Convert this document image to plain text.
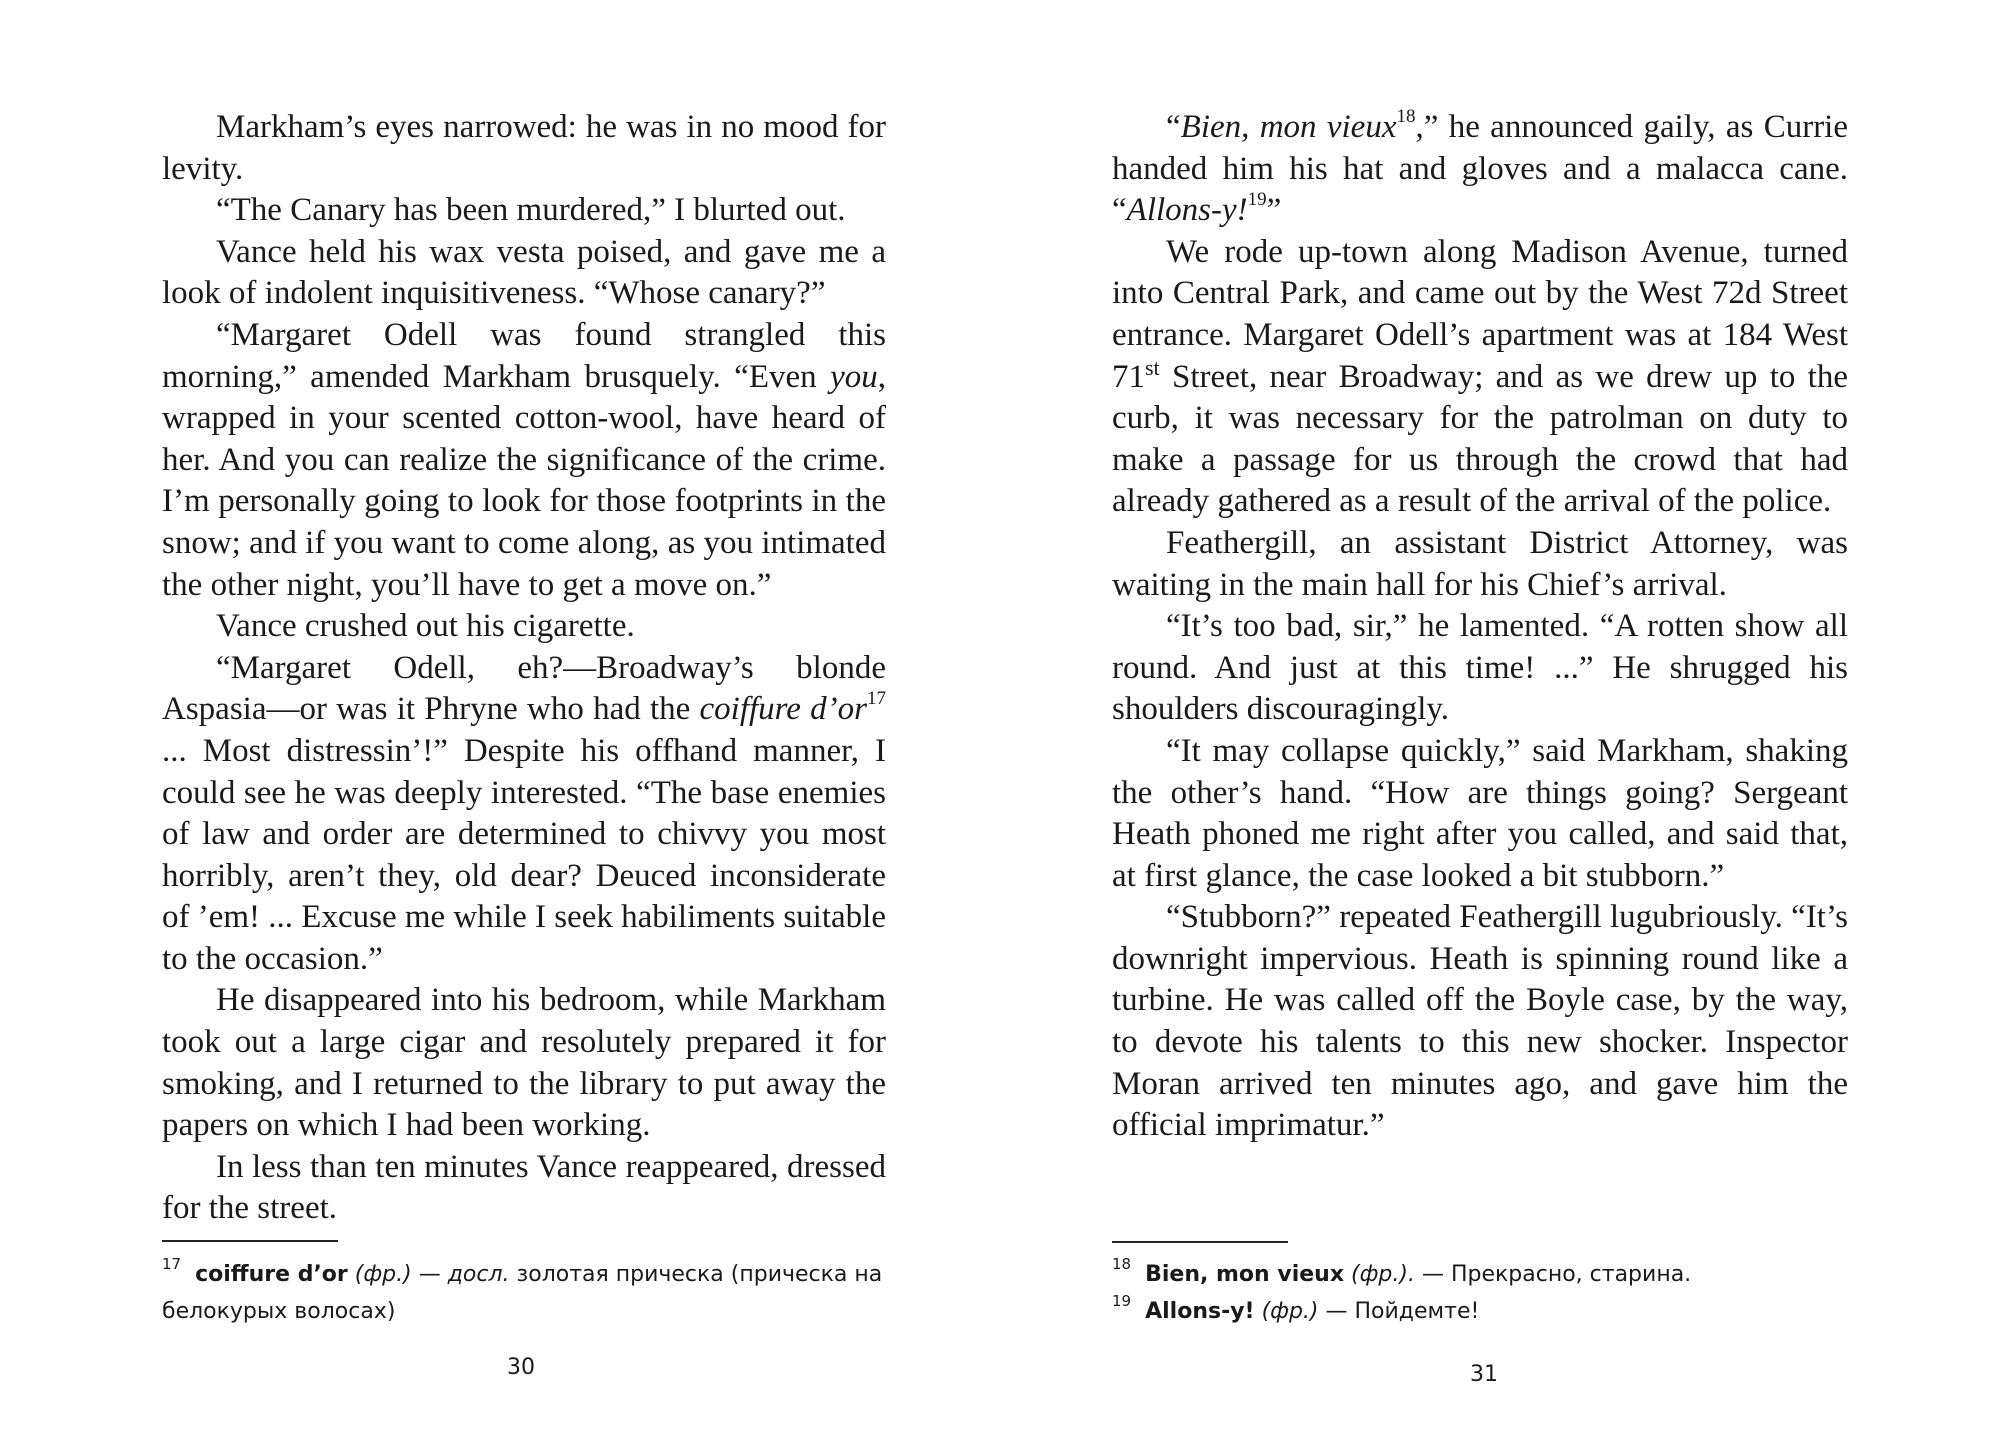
Markham’s eyes narrowed: he was in no mood for levity.

“The Canary has been murdered,” I blurted out.

Vance held his wax vesta poised, and gave me a look of indolent inquisitiveness. “Whose canary?”

“Margaret Odell was found strangled this morning,” amended Markham brusquely. “Even you, wrapped in your scented cotton-wool, have heard of her. And you can realize the significance of the crime. I’m personally going to look for those footprints in the snow; and if you want to come along, as you intimated the other night, you’ll have to get a move on.”

Vance crushed out his cigarette.

“Margaret Odell, eh?—Broadway’s blonde Aspasia—or was it Phryne who had the coiffure d’or$^{17}$ ... Most distressin’!” Despite his offhand manner, I could see he was deeply interested. “The base enemies of law and order are determined to chivvy you most horribly, aren’t they, old dear? Deuced inconsiderate of ’em! ... Excuse me while I seek habiliments suitable to the occasion.”

He disappeared into his bedroom, while Markham took out a large cigar and resolutely prepared it for smoking, and I returned to the library to put away the papers on which I had been working.

In less than ten minutes Vance reappeared, dressed for the street.

$^{17}$ coiffure d’or (фр.) — досл. золотая прическа (прическа на белокурых волосах)

30

“Bien, mon vieux$^{18}$,” he announced gaily, as Currie handed him his hat and gloves and a malacca cane. “Allons-y!$^{19}$”

We rode up-town along Madison Avenue, turned into Central Park, and came out by the West 72d Street entrance. Margaret Odell’s apartment was at 184 West 71st Street, near Broadway; and as we drew up to the curb, it was necessary for the patrolman on duty to make a passage for us through the crowd that had already gathered as a result of the arrival of the police.

Feathergill, an assistant District Attorney, was waiting in the main hall for his Chief’s arrival.

“It’s too bad, sir,” he lamented. “A rotten show all round. And just at this time! ...” He shrugged his shoulders discouragingly.

“It may collapse quickly,” said Markham, shaking the other’s hand. “How are things going? Sergeant Heath phoned me right after you called, and said that, at first glance, the case looked a bit stubborn.”

“Stubborn?” repeated Feathergill lugubriously. “It’s downright impervious. Heath is spinning round like a turbine. He was called off the Boyle case, by the way, to devote his talents to this new shocker. Inspector Moran arrived ten minutes ago, and gave him the official imprimatur.”

$^{18}$ Bien, mon vieux (фр.). — Прекрасно, старина.

$^{19}$ Allons-y! (фр.) — Пойдемте!

31
